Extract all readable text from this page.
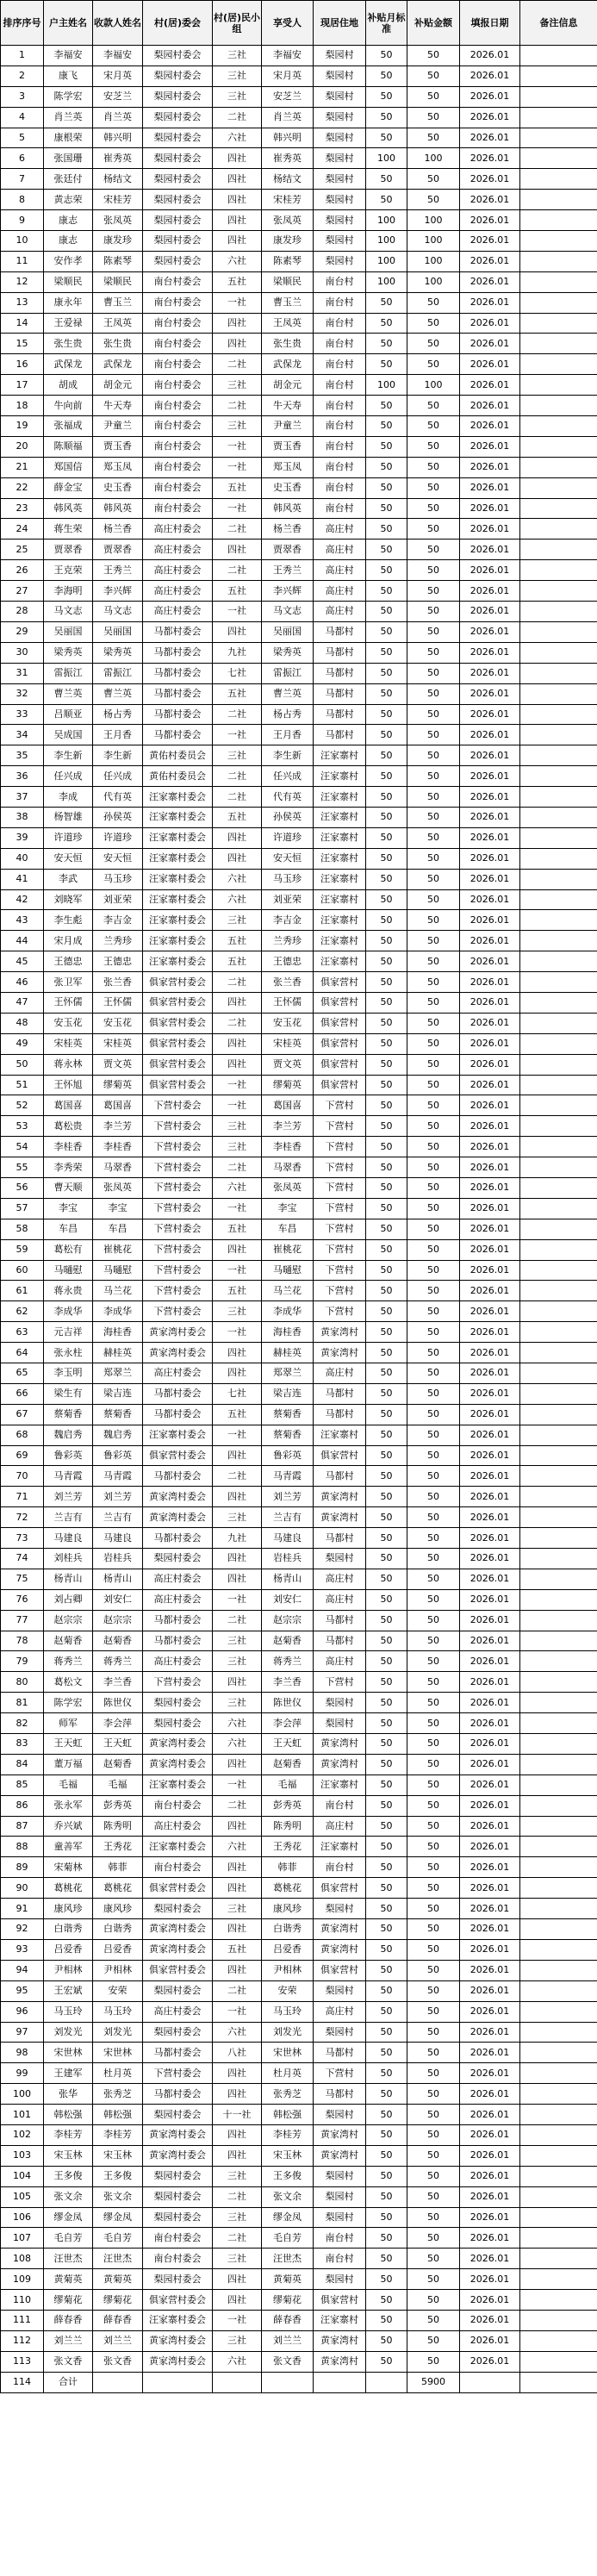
排序序号	户主姓名	收款人姓名	村(居)委会	村(居)民小组	享受人	现居住地	补贴月标准	补贴金额	填报日期	备注信息
1	李福安	李福安	梨园村委会	三社	李福安	梨园村	50	50	2026.01	
2	康飞	宋月英	梨园村委会	三社	宋月英	梨园村	50	50	2026.01	
3	陈学宏	安芝兰	梨园村委会	三社	安芝兰	梨园村	50	50	2026.01	
4	肖兰英	肖兰英	梨园村委会	二社	肖兰英	梨园村	50	50	2026.01	
5	康根荣	韩兴明	梨园村委会	六社	韩兴明	梨园村	50	50	2026.01	
6	张国珊	崔秀英	梨园村委会	四社	崔秀英	梨园村	100	100	2026.01	
7	张廷付	杨结文	梨园村委会	四社	杨结文	梨园村	50	50	2026.01	
8	黄志荣	宋桂芳	梨园村委会	四社	宋桂芳	梨园村	50	50	2026.01	
9	康志	张凤英	梨园村委会	四社	张凤英	梨园村	100	100	2026.01	
10	康志	康发珍	梨园村委会	四社	康发珍	梨园村	100	100	2026.01	
11	安作孝	陈素琴	梨园村委会	六社	陈素琴	梨园村	100	100	2026.01	
12	梁顺民	梁顺民	南台村委会	五社	梁顺民	南台村	100	100	2026.01	
13	康永年	曹玉兰	南台村委会	一社	曹玉兰	南台村	50	50	2026.01	
14	王爱禄	王凤英	南台村委会	四社	王凤英	南台村	50	50	2026.01	
15	张生贵	张生贵	南台村委会	四社	张生贵	南台村	50	50	2026.01	
16	武保龙	武保龙	南台村委会	二社	武保龙	南台村	50	50	2026.01	
17	胡成	胡金元	南台村委会	三社	胡金元	南台村	100	100	2026.01	
18	牛向前	牛天寿	南台村委会	二社	牛天寿	南台村	50	50	2026.01	
19	张福成	尹童兰	南台村委会	三社	尹童兰	南台村	50	50	2026.01	
20	陈顺福	贾玉香	南台村委会	一社	贾玉香	南台村	50	50	2026.01	
21	郑国信	郑玉凤	南台村委会	一社	郑玉凤	南台村	50	50	2026.01	
22	薛金宝	史玉香	南台村委会	五社	史玉香	南台村	50	50	2026.01	
23	韩风英	韩风英	南台村委会	一社	韩风英	南台村	50	50	2026.01	
24	蒋生荣	杨兰香	高庄村委会	二社	杨兰香	高庄村	50	50	2026.01	
25	贾翠香	贾翠香	高庄村委会	四社	贾翠香	高庄村	50	50	2026.01	
26	王克荣	王秀兰	高庄村委会	二社	王秀兰	高庄村	50	50	2026.01	
27	李海明	李兴辉	高庄村委会	五社	李兴辉	高庄村	50	50	2026.01	
28	马文志	马文志	高庄村委会	一社	马文志	高庄村	50	50	2026.01	
29	吴丽国	吴丽国	马都村委会	四社	吴丽国	马都村	50	50	2026.01	
30	梁秀英	梁秀英	马都村委会	九社	梁秀英	马都村	50	50	2026.01	
31	雷振江	雷振江	马都村委会	七社	雷振江	马都村	50	50	2026.01	
32	曹兰英	曹兰英	马都村委会	五社	曹兰英	马都村	50	50	2026.01	
33	吕顺亚	杨占秀	马都村委会	二社	杨占秀	马都村	50	50	2026.01	
34	吴成国	王月香	马都村委会	一社	王月香	马都村	50	50	2026.01	
35	李生新	李生新	黄佑村委员会	三社	李生新	汪家寨村	50	50	2026.01	
36	任兴成	任兴成	黄佑村委员会	二社	任兴成	汪家寨村	50	50	2026.01	
37	李成	代有英	汪家寨村委会	二社	代有英	汪家寨村	50	50	2026.01	
38	杨智雄	孙侯英	汪家寨村委会	五社	孙侯英	汪家寨村	50	50	2026.01	
39	许道珍	许道珍	汪家寨村委会	四社	许道珍	汪家寨村	50	50	2026.01	
40	安天恒	安天恒	汪家寨村委会	四社	安天恒	汪家寨村	50	50	2026.01	
41	李武	马玉珍	汪家寨村委会	六社	马玉珍	汪家寨村	50	50	2026.01	
42	刘晓军	刘亚荣	汪家寨村委会	六社	刘亚荣	汪家寨村	50	50	2026.01	
43	李生彪	李吉金	汪家寨村委会	三社	李吉金	汪家寨村	50	50	2026.01	
44	宋月成	兰秀珍	汪家寨村委会	五社	兰秀珍	汪家寨村	50	50	2026.01	
45	王德忠	王德忠	汪家寨村委会	五社	王德忠	汪家寨村	50	50	2026.01	
46	张卫军	张兰香	俱家营村委会	二社	张兰香	俱家营村	50	50	2026.01	
47	王怀儒	王怀儒	俱家营村委会	四社	王怀儒	俱家营村	50	50	2026.01	
48	安玉花	安玉花	俱家营村委会	二社	安玉花	俱家营村	50	50	2026.01	
49	宋桂英	宋桂英	俱家营村委会	四社	宋桂英	俱家营村	50	50	2026.01	
50	蒋永林	贾文英	俱家营村委会	四社	贾文英	俱家营村	50	50	2026.01	
51	王怀旭	缪菊英	俱家营村委会	一社	缪菊英	俱家营村	50	50	2026.01	
52	葛国喜	葛国喜	下营村委会	一社	葛国喜	下营村	50	50	2026.01	
53	葛松贵	李兰芳	下营村委会	三社	李兰芳	下营村	50	50	2026.01	
54	李桂香	李桂香	下营村委会	三社	李桂香	下营村	50	50	2026.01	
55	李秀荣	马翠香	下营村委会	二社	马翠香	下营村	50	50	2026.01	
56	曹天顺	张凤英	下营村委会	六社	张凤英	下营村	50	50	2026.01	
57	李宝	李宝	下营村委会	一社	李宝	下营村	50	50	2026.01	
58	车昌	车昌	下营村委会	五社	车昌	下营村	50	50	2026.01	
59	葛松有	崔桃花	下营村委会	四社	崔桃花	下营村	50	50	2026.01	
60	马嗵慰	马嗵慰	下营村委会	一社	马嗵慰	下营村	50	50	2026.01	
61	蒋永贵	马兰花	下营村委会	五社	马兰花	下营村	50	50	2026.01	
62	李成华	李成华	下营村委会	三社	李成华	下营村	50	50	2026.01	
63	元吉祥	海桂香	黄家湾村委会	一社	海桂香	黄家湾村	50	50	2026.01	
64	张永柱	赫桂英	黄家湾村委会	四社	赫桂英	黄家湾村	50	50	2026.01	
65	李玉明	郑翠兰	高庄村委会	四社	郑翠兰	高庄村	50	50	2026.01	
66	梁生有	梁吉连	马都村委会	七社	梁吉连	马都村	50	50	2026.01	
67	蔡菊香	蔡菊香	马都村委会	五社	蔡菊香	马都村	50	50	2026.01	
68	魏启秀	魏启秀	汪家寨村委会	一社	蔡菊香	汪家寨村	50	50	2026.01	
69	鲁彩英	鲁彩英	俱家营村委会	四社	鲁彩英	俱家营村	50	50	2026.01	
70	马青霞	马青霞	马都村委会	二社	马青霞	马都村	50	50	2026.01	
71	刘兰芳	刘兰芳	黄家湾村委会	四社	刘兰芳	黄家湾村	50	50	2026.01	
72	兰吉有	兰吉有	黄家湾村委会	三社	兰吉有	黄家湾村	50	50	2026.01	
73	马建良	马建良	马都村委会	九社	马建良	马都村	50	50	2026.01	
74	刘桂兵	岩桂兵	梨园村委会	四社	岩桂兵	梨园村	50	50	2026.01	
75	杨青山	杨青山	高庄村委会	四社	杨青山	高庄村	50	50	2026.01	
76	刘占卿	刘安仁	高庄村委会	一社	刘安仁	高庄村	50	50	2026.01	
77	赵宗宗	赵宗宗	马都村委会	二社	赵宗宗	马都村	50	50	2026.01	
78	赵菊香	赵菊香	马都村委会	三社	赵菊香	马都村	50	50	2026.01	
79	蒋秀兰	蒋秀兰	高庄村委会	三社	蒋秀兰	高庄村	50	50	2026.01	
80	葛松文	李兰香	下营村委会	四社	李兰香	下营村	50	50	2026.01	
81	陈学宏	陈世仪	梨园村委会	三社	陈世仪	梨园村	50	50	2026.01	
82	师军	李会萍	梨园村委会	六社	李会萍	梨园村	50	50	2026.01	
83	王天虹	王天虹	黄家湾村委会	六社	王天虹	黄家湾村	50	50	2026.01	
84	董万福	赵菊香	黄家湾村委会	四社	赵菊香	黄家湾村	50	50	2026.01	
85	毛福	毛福	汪家寨村委会	一社	毛福	汪家寨村	50	50	2026.01	
86	张永军	彭秀英	南台村委会	二社	彭秀英	南台村	50	50	2026.01	
87	乔兴斌	陈秀明	高庄村委会	四社	陈秀明	高庄村	50	50	2026.01	
88	童善军	王秀花	汪家寨村委会	六社	王秀花	汪家寨村	50	50	2026.01	
89	宋菊林	韩菲	南台村委会	四社	韩菲	南台村	50	50	2026.01	
90	葛桃花	葛桃花	俱家营村委会	四社	葛桃花	俱家营村	50	50	2026.01	
91	康风珍	康风珍	梨园村委会	三社	康风珍	梨园村	50	50	2026.01	
92	白谐秀	白谐秀	黄家湾村委会	四社	白谐秀	黄家湾村	50	50	2026.01	
93	吕爱香	吕爱香	黄家湾村委会	五社	吕爱香	黄家湾村	50	50	2026.01	
94	尹相林	尹相林	俱家营村委会	四社	尹相林	俱家营村	50	50	2026.01	
95	王宏斌	安荣	梨园村委会	二社	安荣	梨园村	50	50	2026.01	
96	马玉玲	马玉玲	高庄村委会	一社	马玉玲	高庄村	50	50	2026.01	
97	刘发光	刘发光	梨园村委会	六社	刘发光	梨园村	50	50	2026.01	
98	宋世林	宋世林	马都村委会	八社	宋世林	马都村	50	50	2026.01	
99	王建军	杜月英	下营村委会	四社	杜月英	下营村	50	50	2026.01	
100	张华	张秀芝	马都村委会	四社	张秀芝	马都村	50	50	2026.01	
101	韩松强	韩松强	梨园村委会	十一社	韩松强	梨园村	50	50	2026.01	
102	李桂芳	李桂芳	黄家湾村委会	四社	李桂芳	黄家湾村	50	50	2026.01	
103	宋玉林	宋玉林	黄家湾村委会	四社	宋玉林	黄家湾村	50	50	2026.01	
104	王多俊	王多俊	梨园村委会	三社	王多俊	梨园村	50	50	2026.01	
105	张文余	张文余	梨园村委会	二社	张文余	梨园村	50	50	2026.01	
106	缪金凤	缪金凤	梨园村委会	三社	缪金凤	梨园村	50	50	2026.01	
107	毛自芳	毛自芳	南台村委会	二社	毛自芳	南台村	50	50	2026.01	
108	汪世杰	汪世杰	南台村委会	三社	汪世杰	南台村	50	50	2026.01	
109	黄菊英	黄菊英	梨园村委会	四社	黄菊英	梨园村	50	50	2026.01	
110	缪菊花	缪菊花	俱家营村委会	四社	缪菊花	俱家营村	50	50	2026.01	
111	薛春香	薛春香	汪家寨村委会	一社	薛春香	汪家寨村	50	50	2026.01	
112	刘兰兰	刘兰兰	黄家湾村委会	三社	刘兰兰	黄家湾村	50	50	2026.01	
113	张文香	张文香	黄家湾村委会	六社	张文香	黄家湾村	50	50	2026.01	
114	合计							5900		
